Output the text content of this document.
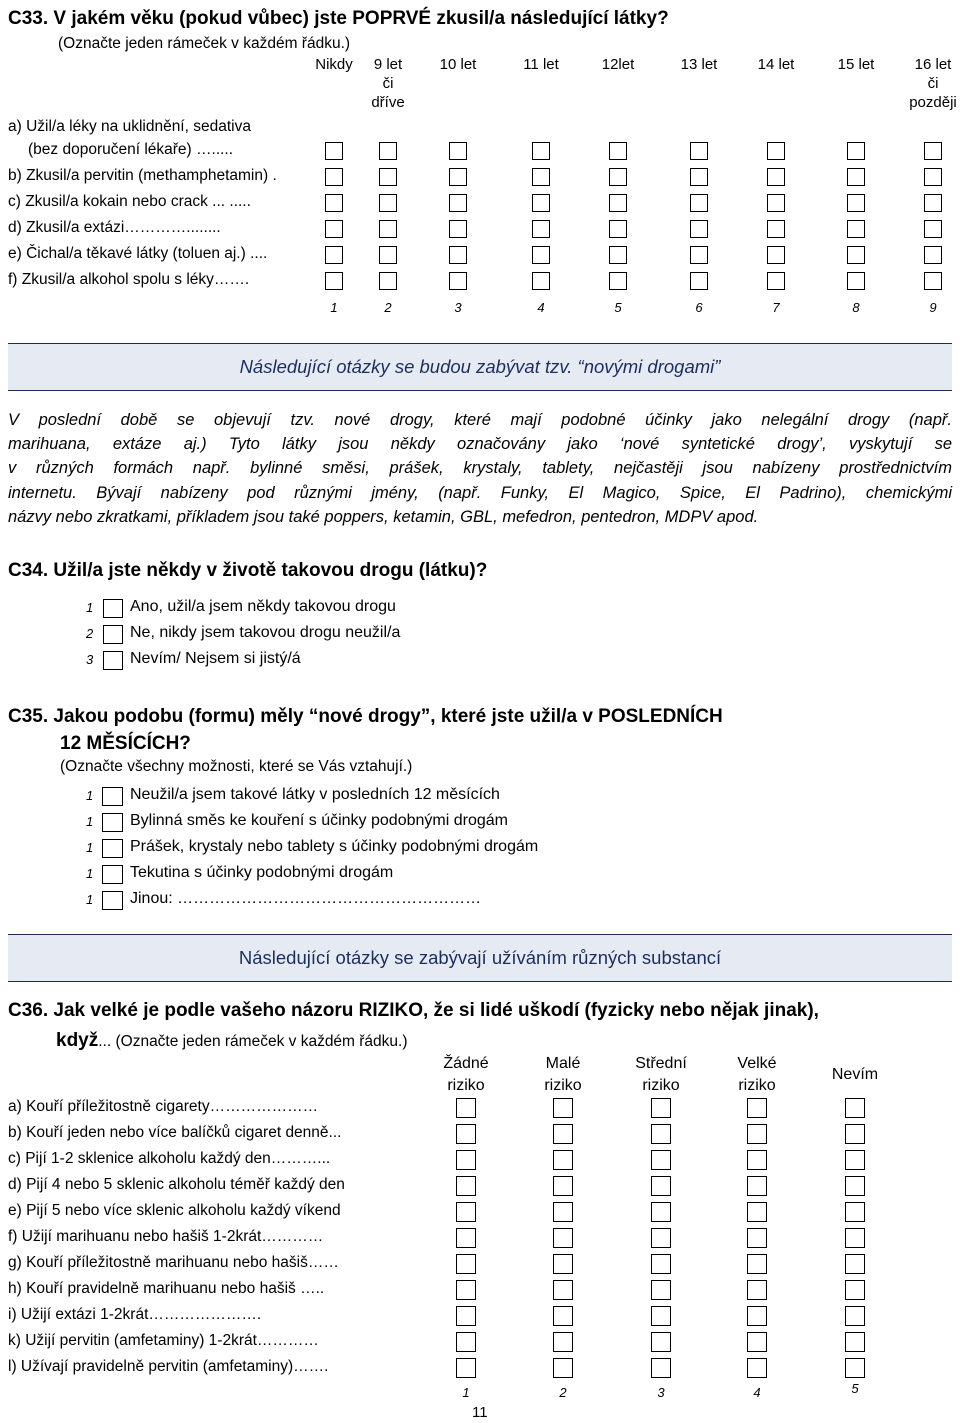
C33. V jakém věku (pokud vůbec) jste POPRVÉ zkusil/a následující látky?
(Označte jeden rámeček v každém řádku.)
Nikdy	9 let
či
dříve
10 let	11 let	12let	13 let	14 let	15 let	16 let
či
později
a) Užil/a léky na uklidnění, sedativa
(bez doporučení lékaře) ….....
b) Zkusil/a pervitin (methamphetamin) .
c) Zkusil/a kokain nebo crack ... .....
d) Zkusil/a extázi…………........
e) Čichal/a těkavé látky (toluen aj.) ....
f) Zkusil/a alkohol spolu s léky…….
1	2	3	4	5	6	7	8	9
Následující otázky se budou zabývat tzv. “novými drogami”
V poslední době se objevují tzv. nové drogy, které mají podobné účinky jako nelegální drogy (např.
marihuana, extáze aj.) Tyto látky jsou někdy označovány jako ‘nové syntetické drogy’, vyskytují se
v různých formách např. bylinné směsi, prášek, krystaly, tablety, nejčastěji jsou nabízeny prostřednictvím
internetu. Bývají nabízeny pod různými jmény, (např. Funky, El Magico, Spice, El Padrino), chemickými
názvy nebo zkratkami, příkladem jsou také poppers, ketamin, GBL, mefedron, pentedron, MDPV apod.
C34. Užil/a jste někdy v životě takovou drogu (látku)?
1 Ano, užil/a jsem někdy takovou drogu
2 Ne, nikdy jsem takovou drogu neužil/a
3 Nevím/ Nejsem si jistý/á
C35. Jakou podobu (formu) měly “nové drogy”, které jste užil/a v POSLEDNÍCH
12 MĚSÍCÍCH?
(Označte všechny možnosti, které se Vás vztahují.)
1 Neužil/a jsem takové látky v posledních 12 měsících
1 Bylinná směs ke kouření s účinky podobnými drogám
1 Prášek, krystaly nebo tablety s účinky podobnými drogám
1 Tekutina s účinky podobnými drogám
1 Jinou: …………………………………………………
Následující otázky se zabývají užíváním různých substancí
C36. Jak velké je podle vašeho názoru RIZIKO, že si lidé uškodí (fyzicky nebo nějak jinak),
když... (Označte jeden rámeček v každém řádku.)
Žádné
riziko
Malé
riziko
Střední
riziko
Velké
riziko
Nevím
a) Kouří příležitostně cigarety…………………
b) Kouří jeden nebo více balíčků cigaret denně...
c) Pijí 1-2 sklenice alkoholu každý den………...
d) Pijí 4 nebo 5 sklenic alkoholu téměř každý den
e) Pijí 5 nebo více sklenic alkoholu každý víkend
f) Užijí marihuanu nebo hašiš 1-2krát…………
g) Kouří příležitostně marihuanu nebo hašiš……
h) Kouří pravidelně marihuanu nebo hašiš …..
i) Užijí extázi 1-2krát………………….
k) Užijí pervitin (amfetaminy) 1-2krát…………
l) Užívají pravidelně pervitin (amfetaminy)…….
1	2	3	4	5
11
